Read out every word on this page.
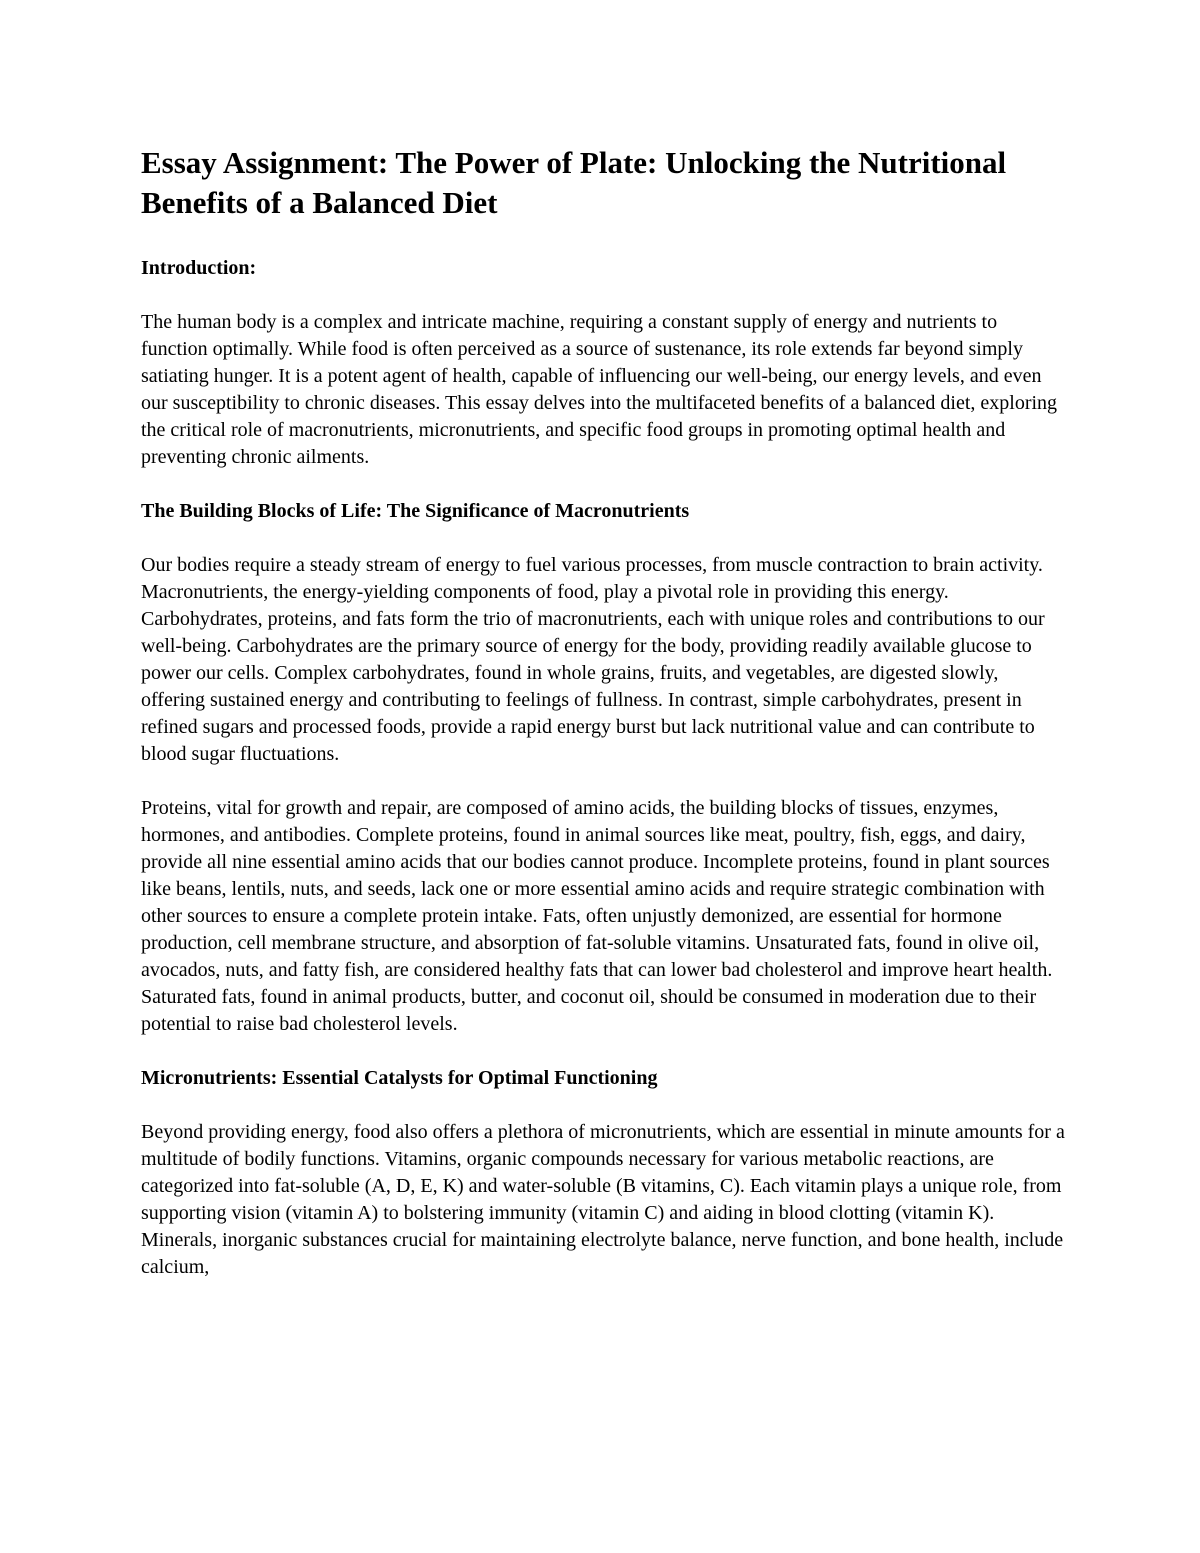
Essay Assignment: The Power of Plate: Unlocking the Nutritional Benefits of a Balanced Diet
Introduction:

The human body is a complex and intricate machine, requiring a constant supply of energy and nutrients to function optimally. While food is often perceived as a source of sustenance, its role extends far beyond simply satiating hunger. It is a potent agent of health, capable of influencing our well-being, our energy levels, and even our susceptibility to chronic diseases. This essay delves into the multifaceted benefits of a balanced diet, exploring the critical role of macronutrients, micronutrients, and specific food groups in promoting optimal health and preventing chronic ailments.

The Building Blocks of Life: The Significance of Macronutrients

Our bodies require a steady stream of energy to fuel various processes, from muscle contraction to brain activity. Macronutrients, the energy-yielding components of food, play a pivotal role in providing this energy. Carbohydrates, proteins, and fats form the trio of macronutrients, each with unique roles and contributions to our well-being. Carbohydrates are the primary source of energy for the body, providing readily available glucose to power our cells. Complex carbohydrates, found in whole grains, fruits, and vegetables, are digested slowly, offering sustained energy and contributing to feelings of fullness. In contrast, simple carbohydrates, present in refined sugars and processed foods, provide a rapid energy burst but lack nutritional value and can contribute to blood sugar fluctuations.

Proteins, vital for growth and repair, are composed of amino acids, the building blocks of tissues, enzymes, hormones, and antibodies. Complete proteins, found in animal sources like meat, poultry, fish, eggs, and dairy, provide all nine essential amino acids that our bodies cannot produce. Incomplete proteins, found in plant sources like beans, lentils, nuts, and seeds, lack one or more essential amino acids and require strategic combination with other sources to ensure a complete protein intake. Fats, often unjustly demonized, are essential for hormone production, cell membrane structure, and absorption of fat-soluble vitamins. Unsaturated fats, found in olive oil, avocados, nuts, and fatty fish, are considered healthy fats that can lower bad cholesterol and improve heart health. Saturated fats, found in animal products, butter, and coconut oil, should be consumed in moderation due to their potential to raise bad cholesterol levels.

Micronutrients: Essential Catalysts for Optimal Functioning

Beyond providing energy, food also offers a plethora of micronutrients, which are essential in minute amounts for a multitude of bodily functions. Vitamins, organic compounds necessary for various metabolic reactions, are categorized into fat-soluble (A, D, E, K) and water-soluble (B vitamins, C). Each vitamin plays a unique role, from supporting vision (vitamin A) to bolstering immunity (vitamin C) and aiding in blood clotting (vitamin K). Minerals, inorganic substances crucial for maintaining electrolyte balance, nerve function, and bone health, include calcium,
